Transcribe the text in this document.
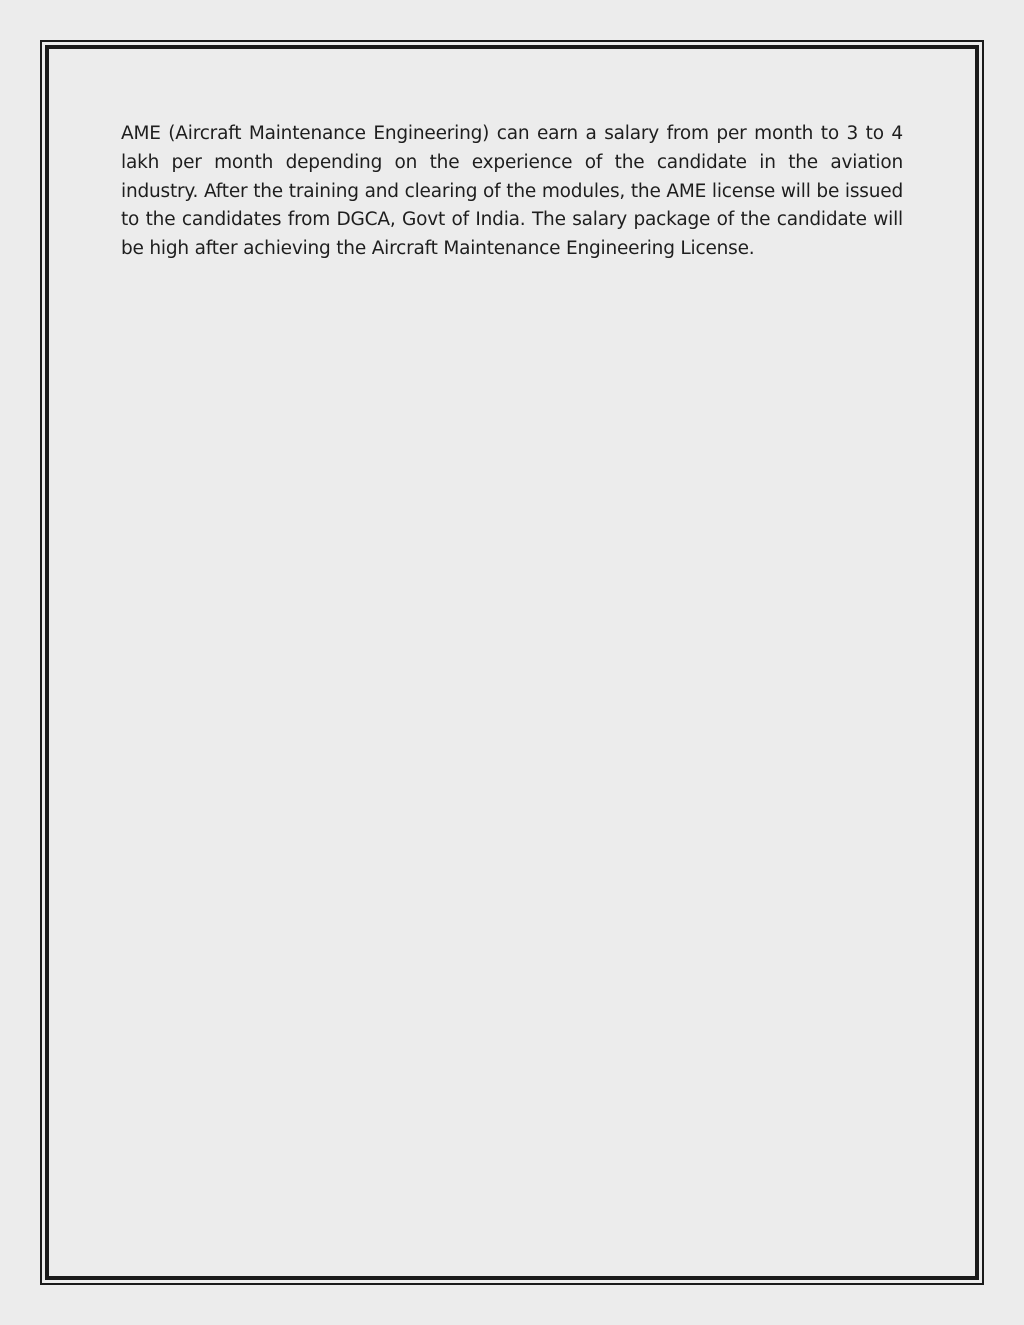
AME (Aircraft Maintenance Engineering) can earn a salary from per month to 3 to 4 lakh per month depending on the experience of the candidate in the aviation industry. After the training and clearing of the modules, the AME license will be issued to the candidates from DGCA, Govt of India. The salary package of the candidate will be high after achieving the Aircraft Maintenance Engineering License.
